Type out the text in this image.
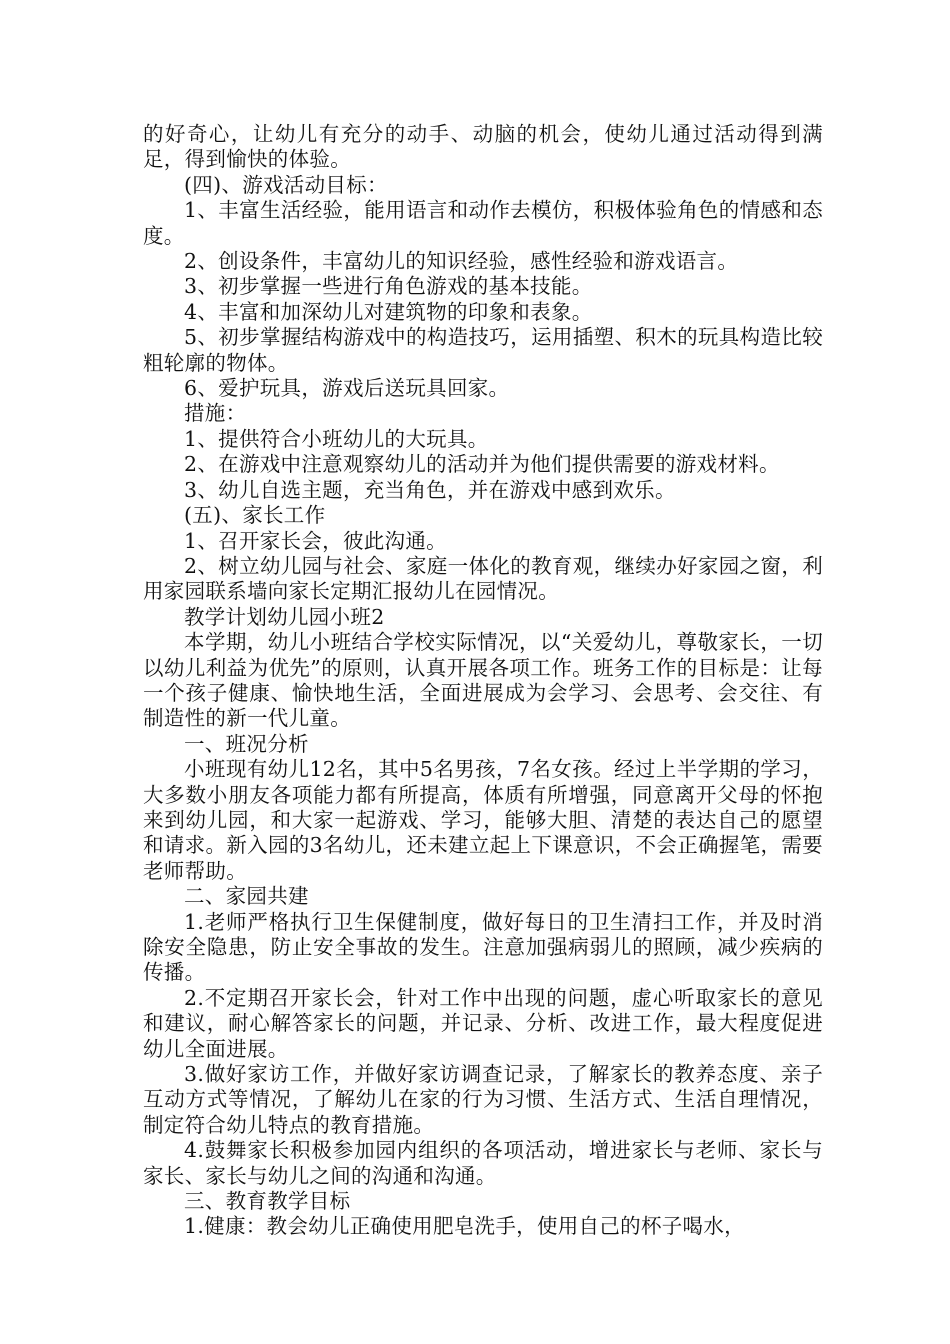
的好奇心，让幼儿有充分的动手、动脑的机会，使幼儿通过活动得到满足，得到愉快的体验。

(四)、游戏活动目标：

1、丰富生活经验，能用语言和动作去模仿，积极体验角色的情感和态度。

2、创设条件，丰富幼儿的知识经验，感性经验和游戏语言。

3、初步掌握一些进行角色游戏的基本技能。

4、丰富和加深幼儿对建筑物的印象和表象。

5、初步掌握结构游戏中的构造技巧，运用插塑、积木的玩具构造比较粗轮廓的物体。

6、爱护玩具，游戏后送玩具回家。

措施：

1、提供符合小班幼儿的大玩具。

2、在游戏中注意观察幼儿的活动并为他们提供需要的游戏材料。

3、幼儿自选主题，充当角色，并在游戏中感到欢乐。

(五)、家长工作

1、召开家长会，彼此沟通。

2、树立幼儿园与社会、家庭一体化的教育观，继续办好家园之窗，利用家园联系墙向家长定期汇报幼儿在园情况。

教学计划幼儿园小班2

本学期，幼儿小班结合学校实际情况，以“关爱幼儿，尊敬家长，一切以幼儿利益为优先”的原则，认真开展各项工作。班务工作的目标是：让每一个孩子健康、愉快地生活，全面进展成为会学习、会思考、会交往、有制造性的新一代儿童。

一、班况分析

小班现有幼儿12名，其中5名男孩，7名女孩。经过上半学期的学习，大多数小朋友各项能力都有所提高，体质有所增强，同意离开父母的怀抱来到幼儿园，和大家一起游戏、学习，能够大胆、清楚的表达自己的愿望和请求。新入园的3名幼儿，还未建立起上下课意识，不会正确握笔，需要老师帮助。

二、家园共建

1.老师严格执行卫生保健制度，做好每日的卫生清扫工作，并及时消除安全隐患，防止安全事故的发生。注意加强病弱儿的照顾，减少疾病的传播。

2.不定期召开家长会，针对工作中出现的问题，虚心听取家长的意见和建议，耐心解答家长的问题，并记录、分析、改进工作，最大程度促进幼儿全面进展。

3.做好家访工作，并做好家访调查记录，了解家长的教养态度、亲子互动方式等情况，了解幼儿在家的行为习惯、生活方式、生活自理情况，制定符合幼儿特点的教育措施。

4.鼓舞家长积极参加园内组织的各项活动，增进家长与老师、家长与家长、家长与幼儿之间的沟通和沟通。

三、教育教学目标

1.健康：教会幼儿正确使用肥皂洗手，使用自己的杯子喝水，
